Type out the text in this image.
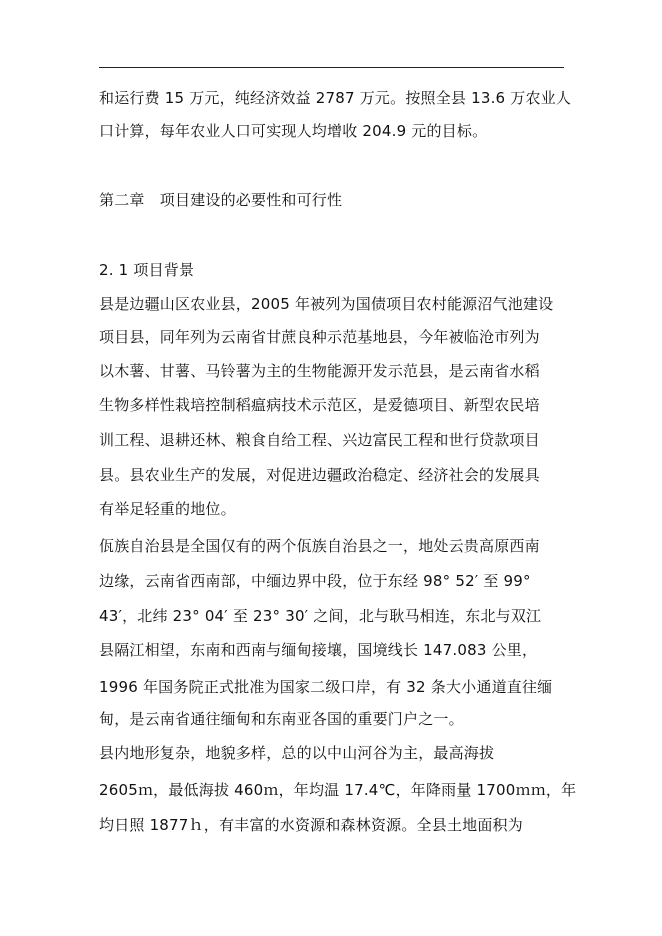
和运行费 15 万元，纯经济效益 2787 万元。按照全县 13.6 万农业人
口计算，每年农业人口可实现人均增收 204.9 元的目标。
第二章　项目建设的必要性和可行性
2. 1 项目背景
县是边疆山区农业县，2005 年被列为国债项目农村能源沼气池建设
项目县，同年列为云南省甘蔗良种示范基地县，今年被临沧市列为
以木薯、甘薯、马铃薯为主的生物能源开发示范县，是云南省水稻
生物多样性栽培控制稻瘟病技术示范区，是爱德项目、新型农民培
训工程、退耕还林、粮食自给工程、兴边富民工程和世行贷款项目
县。县农业生产的发展，对促进边疆政治稳定、经济社会的发展具
有举足轻重的地位。
佤族自治县是全国仅有的两个佤族自治县之一，地处云贵高原西南
边缘，云南省西南部，中缅边界中段，位于东经 98° 52′ 至 99°
43′，北纬 23° 04′ 至 23° 30′ 之间，北与耿马相连，东北与双江
县隔江相望，东南和西南与缅甸接壤，国境线长 147.083 公里，
1996 年国务院正式批准为国家二级口岸，有 32 条大小通道直往缅
甸，是云南省通往缅甸和东南亚各国的重要门户之一。
县内地形复杂，地貌多样，总的以中山河谷为主，最高海拔
2605ｍ，最低海拔 460ｍ，年均温 17.4℃，年降雨量 1700ｍｍ，年
均日照 1877ｈ，有丰富的水资源和森林资源。全县土地面积为
